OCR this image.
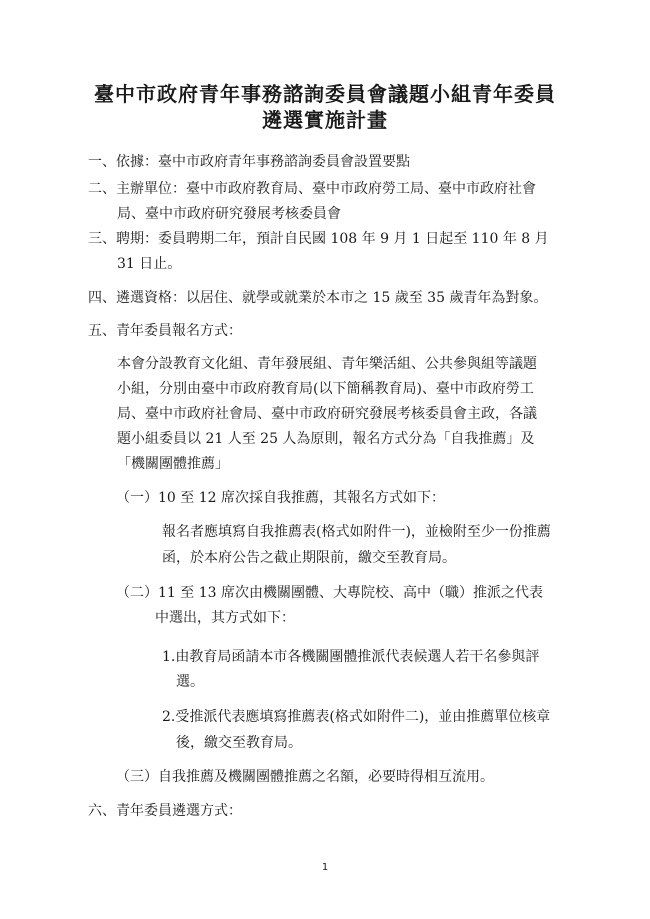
臺中市政府青年事務諮詢委員會議題小組青年委員
遴選實施計畫
一、依據：臺中市政府青年事務諮詢委員會設置要點
二、主辦單位：臺中市政府教育局、臺中市政府勞工局、臺中市政府社會
局、臺中市政府研究發展考核委員會
三、聘期：委員聘期二年，預計自民國 108 年 9 月 1 日起至 110 年 8 月
31 日止。
四、遴選資格：以居住、就學或就業於本市之 15 歲至 35 歲青年為對象。
五、青年委員報名方式：
本會分設教育文化組、青年發展組、青年樂活組、公共參與組等議題
小組，分別由臺中市政府教育局(以下簡稱教育局)、臺中市政府勞工
局、臺中市政府社會局、臺中市政府研究發展考核委員會主政，各議
題小組委員以 21 人至 25 人為原則，報名方式分為「自我推薦」及
「機關團體推薦」
（一）10 至 12 席次採自我推薦，其報名方式如下：
報名者應填寫自我推薦表(格式如附件一)，並檢附至少一份推薦
函，於本府公告之截止期限前，繳交至教育局。
（二）11 至 13 席次由機關團體、大專院校、高中（職）推派之代表
中選出，其方式如下：
1.由教育局函請本市各機關團體推派代表候選人若干名參與評
選。
2.受推派代表應填寫推薦表(格式如附件二)，並由推薦單位核章
後，繳交至教育局。
（三）自我推薦及機關團體推薦之名額，必要時得相互流用。
六、青年委員遴選方式：
1
